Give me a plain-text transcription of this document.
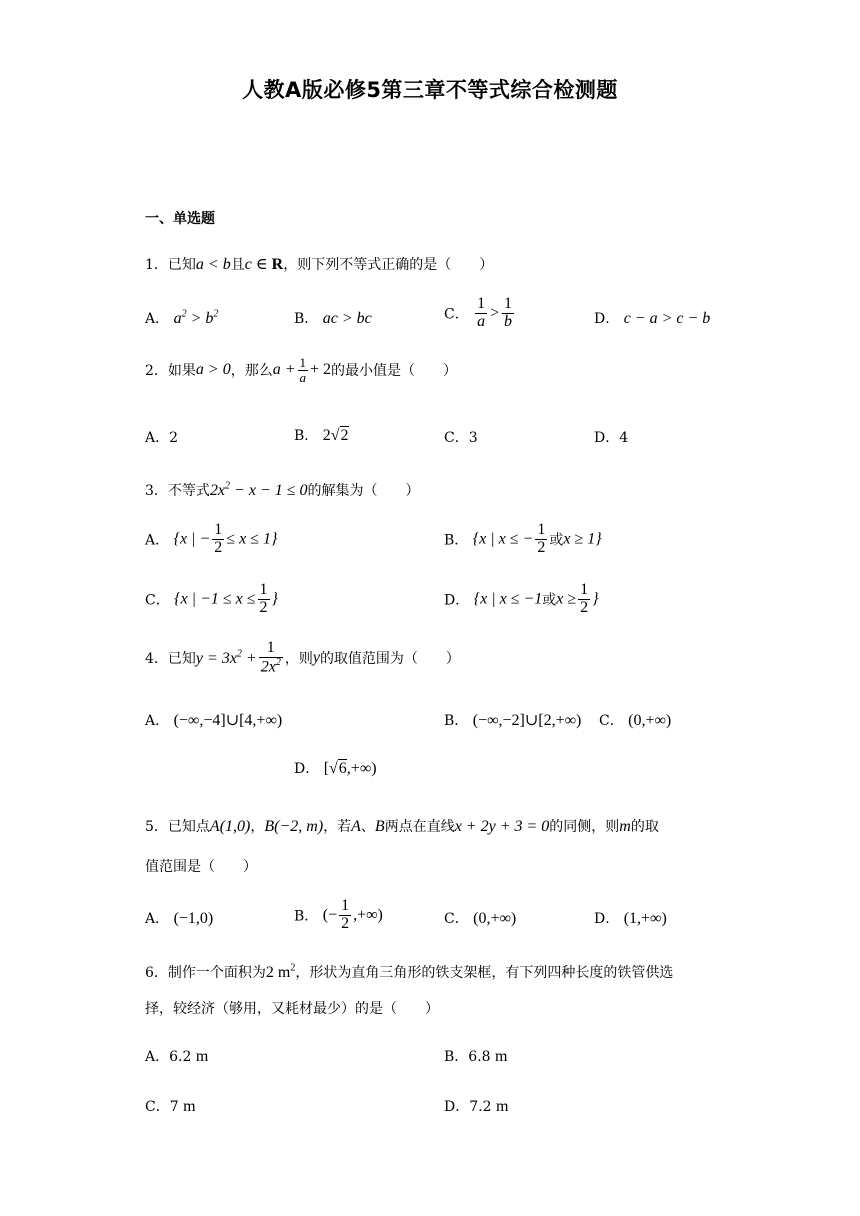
人教A版必修5第三章不等式综合检测题
一、单选题
1．已知a < b且c ∈ R，则下列不等式正确的是（　　）
A． $a^2 > b^2$	B． ac > bc	C． $\frac{1}{a} > \frac{1}{b}$	D． c − a > c − b
2．如果a > 0，那么$a + \frac{1}{a} + 2$的最小值是（　　）
A．2	B． 2√2	C．3	D．4
3．不等式$2x^2 - x - 1 \le 0$的解集为（　　）
A． {x | − $\frac{1}{2} \le x \le 1$}	B． {x | x ≤ − $\frac{1}{2}$ 或x ≥ 1}
C． {x | $-1 \le x \le \frac{1}{2}$ }	D． {x | x ≤ −1或$x \ge \frac{1}{2}$ }
4．已知$y = 3x^2 + \frac{1}{2x^2}$ ，则y的取值范围为（　　）
A． (−∞,−4]∪[4,+∞)	B． (−∞,−2]∪[2,+∞) C． (0,+∞)
D． [√6,+∞)
5．已知点A(1,0)，B(−2, m)，若A、B两点在直线x + 2y + 3 = 0的同侧，则m的取
值范围是（　　）
A． (−1,0)	B． (− $\frac{1}{2}$ ,+∞)	C． (0,+∞)	D． (1,+∞)
6．制作一个面积为2 $m^2$，形状为直角三角形的铁支架框，有下列四种长度的铁管供选
择，较经济（够用，又耗材最少）的是（　　）
A．6.2 m	B．6.8 m
C．7 m	D．7.2 m
